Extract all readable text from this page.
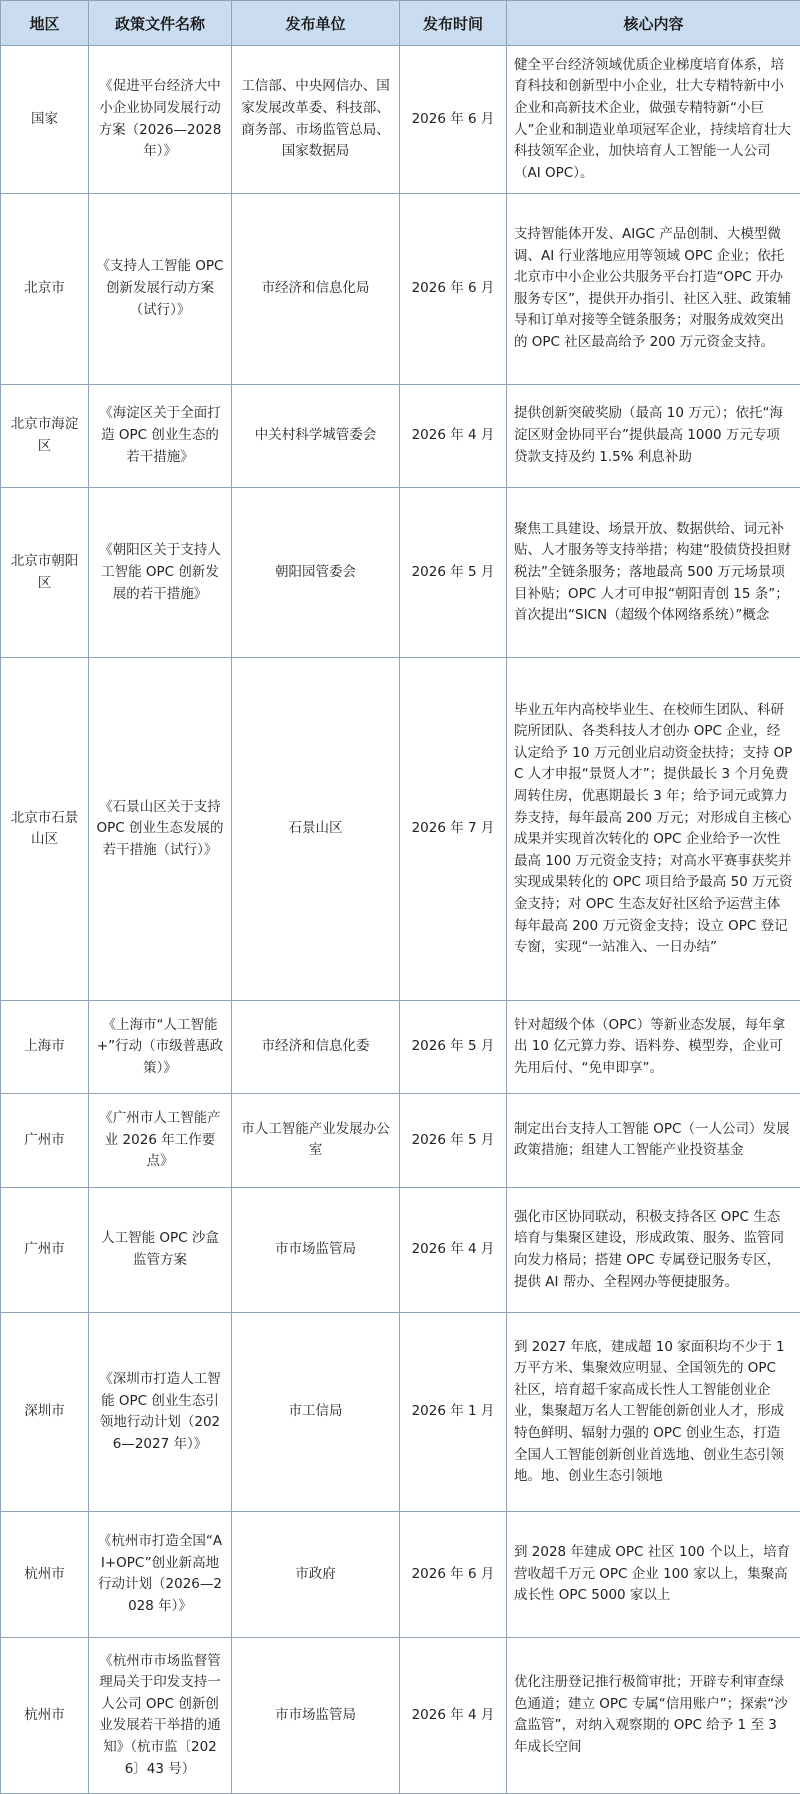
地区	政策文件名称	发布单位	发布时间	核心内容
国家	《促进平台经济大中小企业协同发展行动方案（2026—2028年）》	工信部、中央网信办、国家发展改革委、科技部、商务部、市场监管总局、国家数据局	2026 年 6 月	健全平台经济领域优质企业梯度培育体系，培育科技和创新型中小企业，壮大专精特新中小企业和高新技术企业，做强专精特新“小巨人”企业和制造业单项冠军企业，持续培育壮大科技领军企业，加快培育人工智能一人公司（AI OPC）。
北京市	《支持人工智能 OPC 创新发展行动方案（试行）》	市经济和信息化局	2026 年 6 月	支持智能体开发、AIGC 产品创制、大模型微调、AI 行业落地应用等领域 OPC 企业；依托北京市中小企业公共服务平台打造“OPC 开办服务专区”，提供开办指引、社区入驻、政策辅导和订单对接等全链条服务；对服务成效突出的 OPC 社区最高给予 200 万元资金支持。
北京市海淀区	《海淀区关于全面打造 OPC 创业生态的若干措施》	中关村科学城管委会	2026 年 4 月	提供创新突破奖励（最高 10 万元）；依托“海淀区财金协同平台”提供最高 1000 万元专项贷款支持及约 1.5% 利息补助
北京市朝阳区	《朝阳区关于支持人工智能 OPC 创新发展的若干措施》	朝阳园管委会	2026 年 5 月	聚焦工具建设、场景开放、数据供给、词元补贴、人才服务等支持举措；构建“股债贷投担财税法”全链条服务；落地最高 500 万元场景项目补贴；OPC 人才可申报“朝阳青创 15 条”；首次提出“SICN（超级个体网络系统）”概念
北京市石景山区	《石景山区关于支持 OPC 创业生态发展的若干措施（试行）》	石景山区	2026 年 7 月	毕业五年内高校毕业生、在校师生团队、科研院所团队、各类科技人才创办 OPC 企业，经认定给予 10 万元创业启动资金扶持；支持 OPC 人才申报“景贤人才”；提供最长 3 个月免费周转住房，优惠期最长 3 年；给予词元或算力券支持，每年最高 200 万元；对形成自主核心成果并实现首次转化的 OPC 企业给予一次性最高 100 万元资金支持；对高水平赛事获奖并实现成果转化的 OPC 项目给予最高 50 万元资金支持；对 OPC 生态友好社区给予运营主体每年最高 200 万元资金支持；设立 OPC 登记专窗，实现“一站准入、一日办结”
上海市	《上海市“人工智能 +”行动（市级普惠政策）》	市经济和信息化委	2026 年 5 月	针对超级个体（OPC）等新业态发展，每年拿出 10 亿元算力券、语料券、模型券，企业可先用后付、“免申即享”。
广州市	《广州市人工智能产业 2026 年工作要点》	市人工智能产业发展办公室	2026 年 5 月	制定出台支持人工智能 OPC（一人公司）发展政策措施；组建人工智能产业投资基金
广州市	人工智能 OPC 沙盒监管方案	市市场监管局	2026 年 4 月	强化市区协同联动，积极支持各区 OPC 生态培育与集聚区建设，形成政策、服务、监管同向发力格局；搭建 OPC 专属登记服务专区，提供 AI 帮办、全程网办等便捷服务。
深圳市	《深圳市打造人工智能 OPC 创业生态引领地行动计划（2026—2027 年）》	市工信局	2026 年 1 月	到 2027 年底，建成超 10 家面积均不少于 1 万平方米、集聚效应明显、全国领先的 OPC 社区，培育超千家高成长性人工智能创业企业，集聚超万名人工智能创新创业人才，形成特色鲜明、辐射力强的 OPC 创业生态，打造全国人工智能创新创业首选地、创业生态引领地。地、创业生态引领地
杭州市	《杭州市打造全国“AI+OPC”创业新高地行动计划（2026—2028 年）》	市政府	2026 年 6 月	到 2028 年建成 OPC 社区 100 个以上，培育营收超千万元 OPC 企业 100 家以上，集聚高成长性 OPC 5000 家以上
杭州市	《杭州市市场监督管理局关于印发支持一人公司 OPC 创新创业发展若干举措的通知》（杭市监〔2026〕43 号）	市市场监管局	2026 年 4 月	优化注册登记推行极简审批；开辟专利审查绿色通道；建立 OPC 专属“信用账户”；探索“沙盒监管”，对纳入观察期的 OPC 给予 1 至 3 年成长空间
